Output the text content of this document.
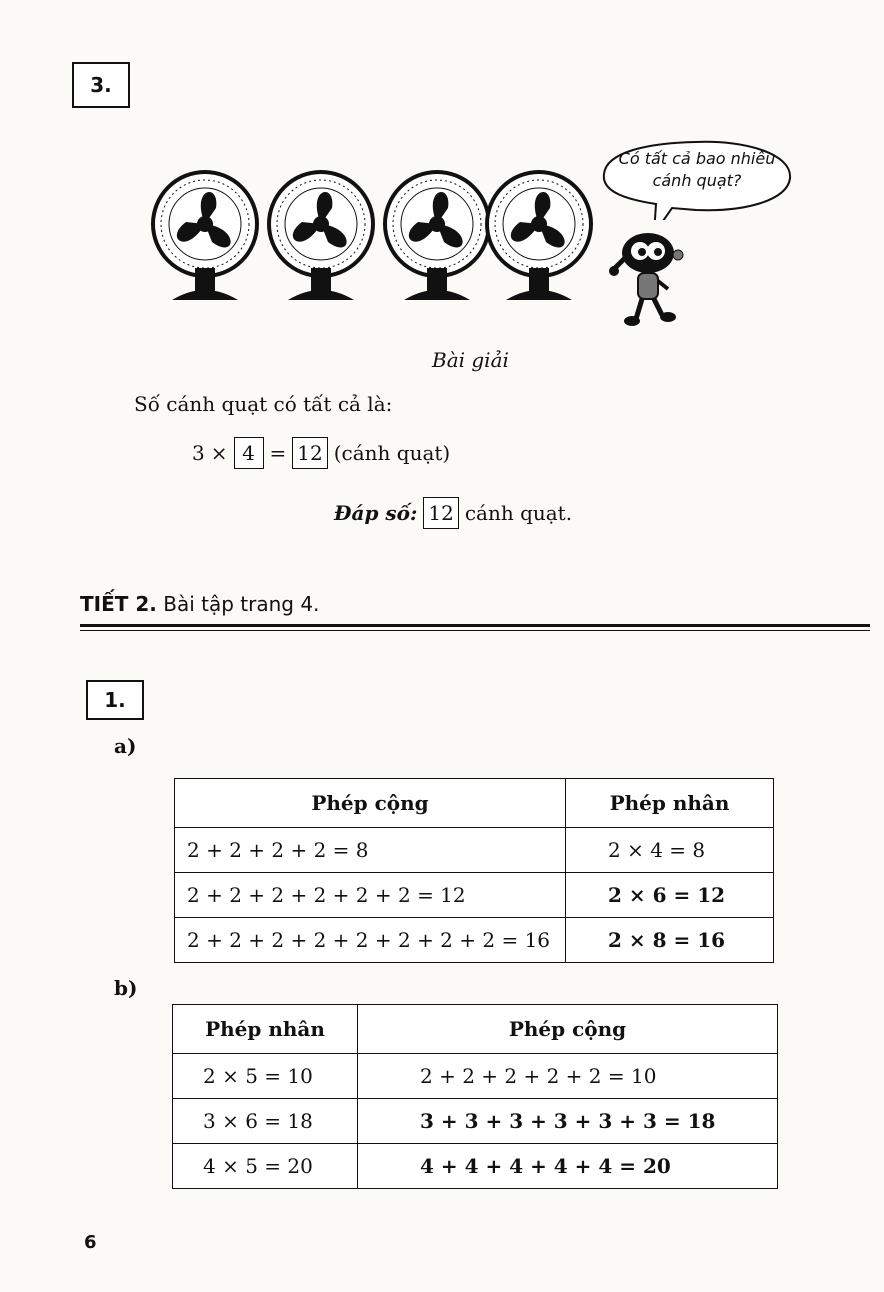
3.
Có tất cả bao nhiêu
cánh quạt?
Bài giải
Số cánh quạt có tất cả là:
3 × 4 = 12 (cánh quạt)
Đáp số: 12 cánh quạt.
TIẾT 2. Bài tập trang 4.
1.
a)
Phép cộng	Phép nhân
2 + 2 + 2 + 2 = 8	2 × 4 = 8
2 + 2 + 2 + 2 + 2 + 2 = 12	2 × 6 = 12
2 + 2 + 2 + 2 + 2 + 2 + 2 + 2 = 16	2 × 8 = 16
b)
Phép nhân	Phép cộng
2 × 5 = 10	2 + 2 + 2 + 2 + 2 = 10
3 × 6 = 18	3 + 3 + 3 + 3 + 3 + 3 = 18
4 × 5 = 20	4 + 4 + 4 + 4 + 4 = 20
6
